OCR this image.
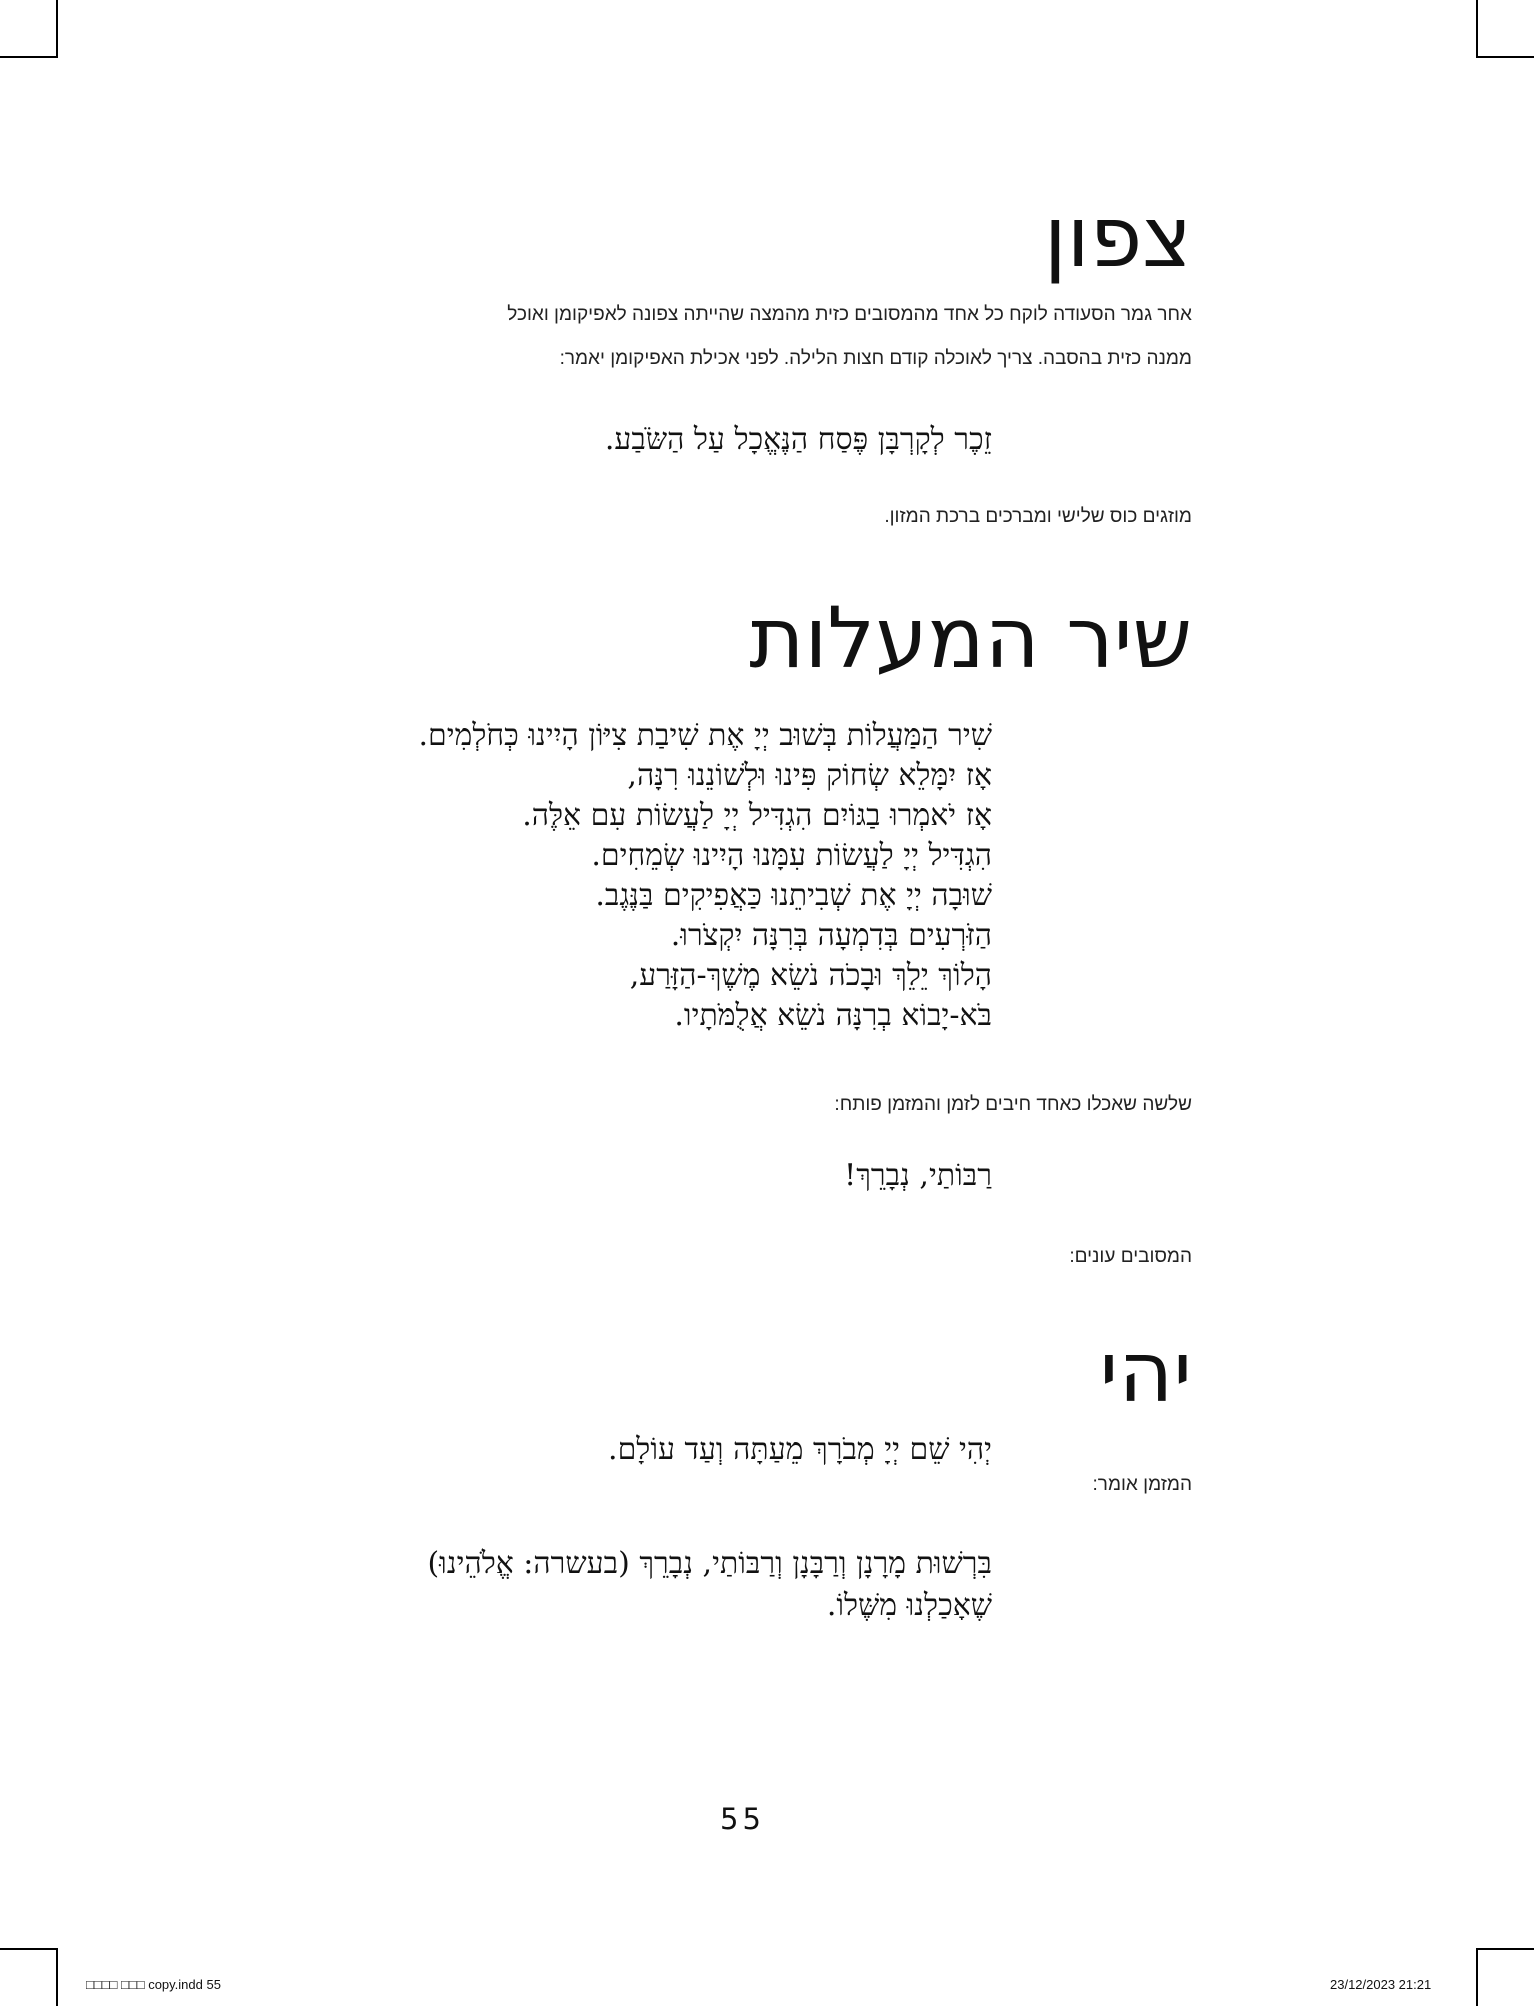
צפון
אחר גמר הסעודה לוקח כל אחד מהמסובים כזית מהמצה שהייתה צפונה לאפיקומן ואוכל
ממנה כזית בהסבה. צריך לאוכלה קודם חצות הלילה. לפני אכילת האפיקומן יאמר:
זֵכֶר לְקָרְבָּן פֶּסַח הַנֶּאֱכָל עַל הַשֹּׂבַע.
מוזגים כוס שלישי ומברכים ברכת המזון.
שיר המעלות
שִׁיר הַמַּעֲלוֹת בְּשׁוּב יְיָ אֶת שִׁיבַת צִיּוֹן הָיִינוּ כְּחֹלְמִים.
אָז יִמָּלֵא שְׂחוֹק פִּינוּ וּלְשׁוֹנֵנוּ רִנָּה,
אָז יֹאמְרוּ בַגּוֹיִם הִגְדִּיל יְיָ לַעֲשׂוֹת עִם אֵלֶּה.
הִגְדִּיל יְיָ לַעֲשׂוֹת עִמָּנוּ הָיִינוּ שְׂמֵחִים.
שׁוּבָה יְיָ אֶת שְׁבִיתֵנוּ כַּאֲפִיקִים בַּנֶּגֶב.
הַזֹּרְעִים בְּדִמְעָה בְּרִנָּה יִקְצֹרוּ.
הָלוֹךְ יֵלֵךְ וּבָכֹה נֹשֵׂא מֶשֶׁךְ-הַזָּרַע,
בֹּא-יָבוֹא בְרִנָּה נֹשֵׂא אֲלֻמֹּתָיו.
שלשה שאכלו כאחד חיבים לזמן והמזמן פותח:
רַבּוֹתַי, נְבָרֵךְ!
המסובים עונים:
יהי
יְהִי שֵׁם יְיָ מְבֹרָךְ מֵעַתָּה וְעַד עוֹלָם.
המזמן אומר:
בִּרְשׁוּת מָרָנָן וְרַבָּנָן וְרַבּוֹתַי, נְבָרֵךְ (בעשרה: אֱלֹהֵינוּ)
שֶׁאָכַלְנוּ מִשֶּׁלוֹ.
55
□□□□ □□□ copy.indd 55	23/12/2023 21:21
